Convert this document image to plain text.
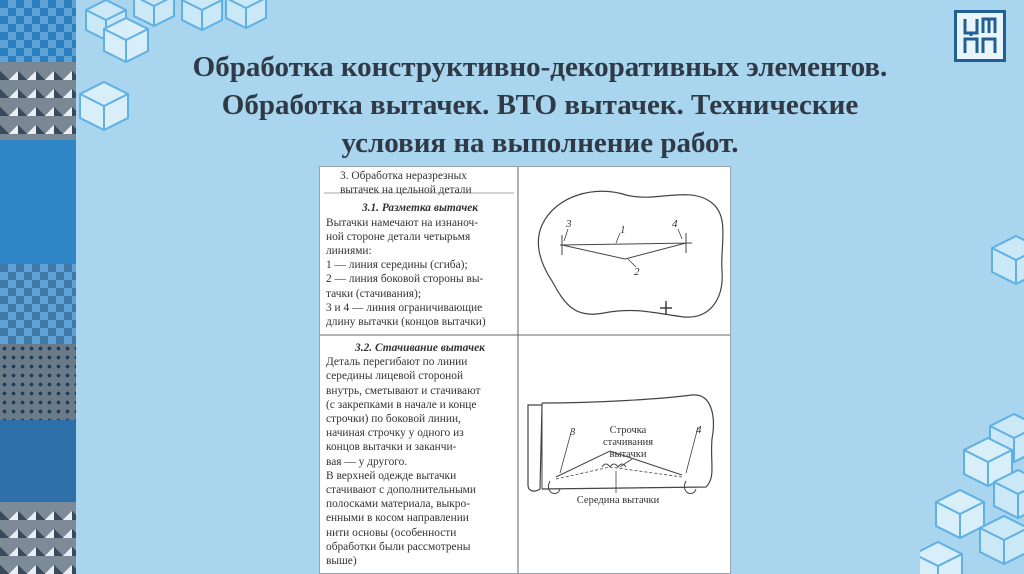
Обработка конструктивно-декоративных элементов.
Обработка вытачек. ВТО вытачек. Технические
условия на выполнение работ.
3	4
1
2
3	4
Строчка
стачивания
вытачки
Середина вытачки
3. Обработка неразрезных
вытачек на цельной детали
3.1. Разметка вытачек
Вытачки намечают на изнаноч-
ной стороне детали четырьмя
линиями:
1 — линия середины (сгиба);
2 — линия боковой стороны вы-
тачки (стачивания);
3 и 4 — линия ограничивающие
длину вытачки (концов вытачки)
3.2. Стачивание вытачек
Деталь перегибают по линии
середины лицевой стороной
внутрь, сметывают и стачивают
(с закрепками в начале и конце
строчки) по боковой линии,
начиная строчку у одного из
концов вытачки и заканчи-
вая — у другого.
В верхней одежде вытачки
стачивают с дополнительными
полосками материала, выкро-
енными в косом направлении
нити основы (особенности
обработки были рассмотрены
выше)
